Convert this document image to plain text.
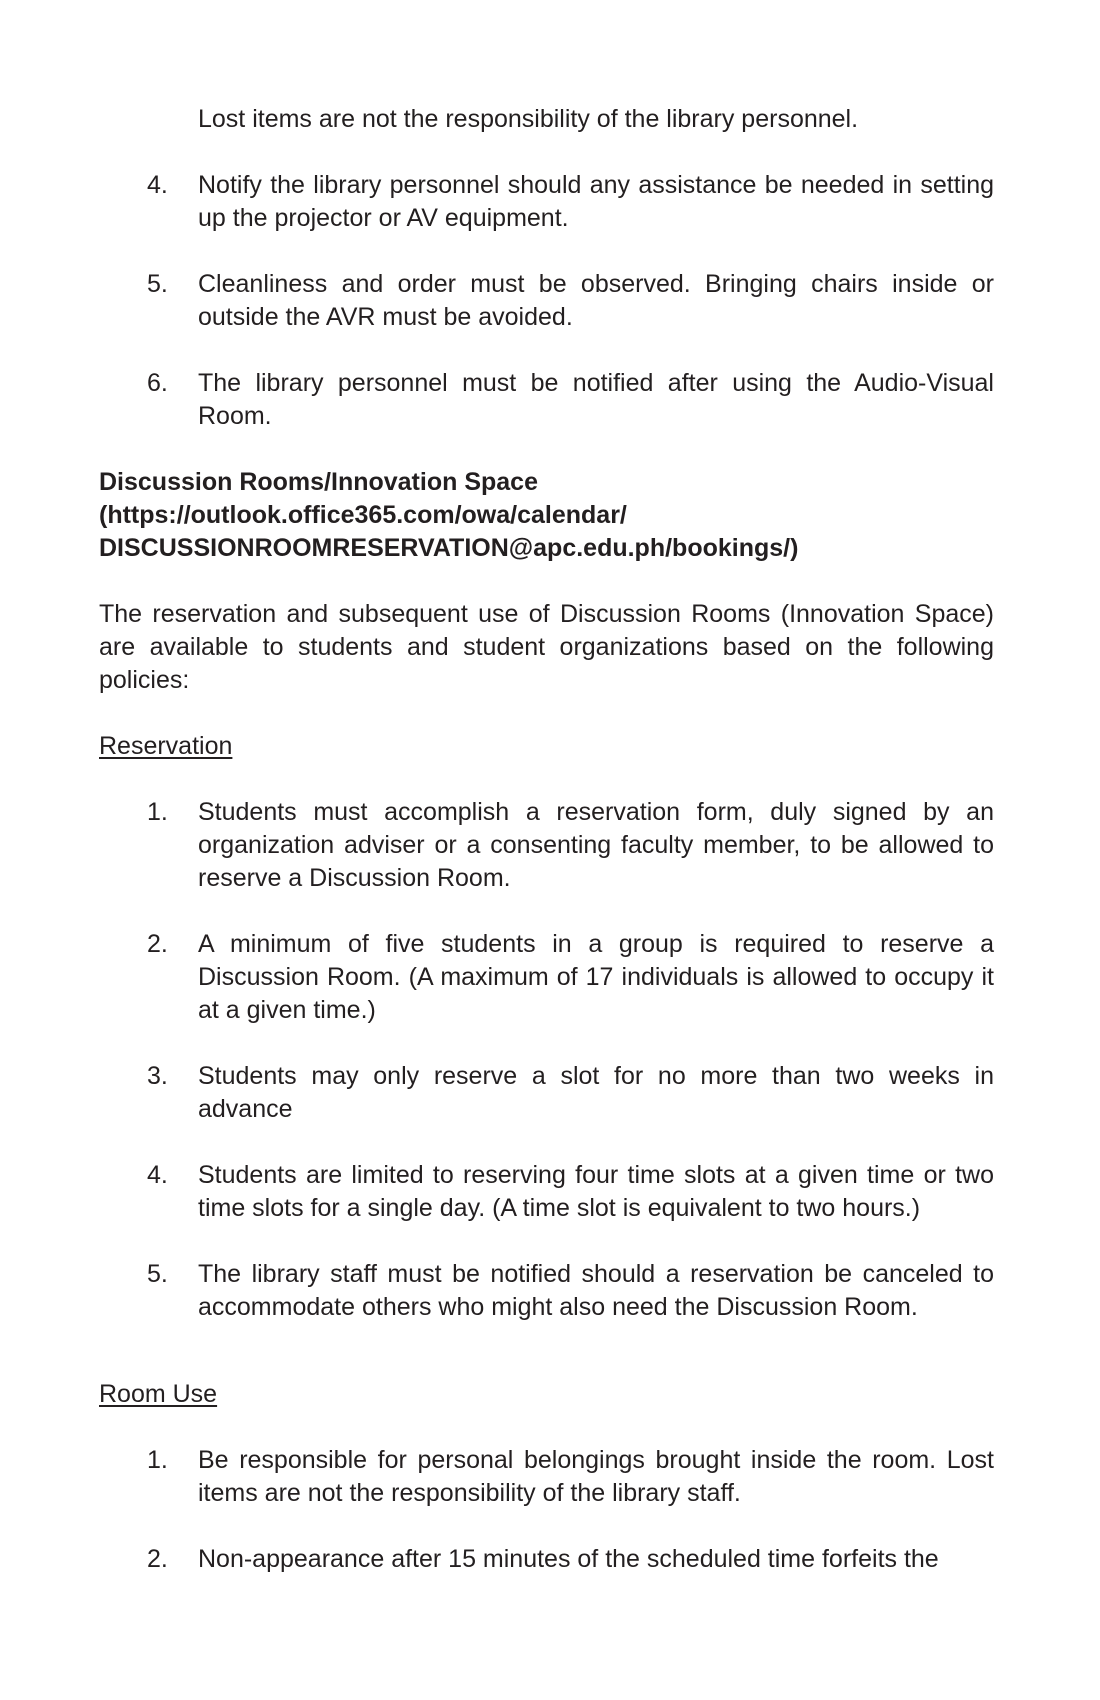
Lost items are not the responsibility of the library personnel.
4.	Notify the library personnel should any assistance be needed in setting up the projector or AV equipment.
5.	Cleanliness and order must be observed. Bringing chairs inside or outside the AVR must be avoided.
6.	The library personnel must be notified after using the Audio-Visual Room.
Discussion Rooms/Innovation Space
(https://outlook.office365.com/owa/calendar/
DISCUSSIONROOMRESERVATION@apc.edu.ph/bookings/)
The reservation and subsequent use of Discussion Rooms (Innovation Space) are available to students and student organizations based on the following policies:
Reservation
1.	Students must accomplish a reservation form, duly signed by an organization adviser or a consenting faculty member, to be allowed to reserve a Discussion Room.
2.	A minimum of five students in a group is required to reserve a Discussion Room. (A maximum of 17 individuals is allowed to occupy it at a given time.)
3.	Students may only reserve a slot for no more than two weeks in advance
4.	Students are limited to reserving four time slots at a given time or two time slots for a single day. (A time slot is equivalent to two hours.)
5.	The library staff must be notified should a reservation be canceled to accommodate others who might also need the Discussion Room.
Room Use
1.	Be responsible for personal belongings brought inside the room. Lost items are not the responsibility of the library staff.
2.	Non-appearance after 15 minutes of the scheduled time forfeits the
